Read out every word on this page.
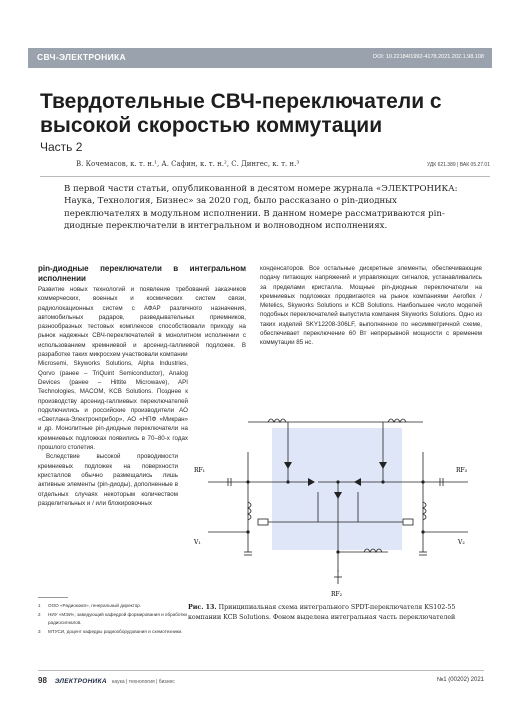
СВЧ-ЭЛЕКТРОНИКА	DOI: 10.22184/1992-4178.2021.202.1.98.108
Твердотельные СВЧ-переключатели с высокой скоростью коммутации
Часть 2
В. Кочемасов, к. т. н.¹, А. Сафин, к. т. н.², С. Дингес, к. т. н.³	УДК 621.389 | ВАК 05.27.01
В первой части статьи, опубликованной в десятом номере журнала «ЭЛЕКТРОНИКА: Наука, Технология, Бизнес» за 2020 год, было рассказано о pin-диодных переключателях в модульном исполнении. В данном номере рассматриваются pin-диодные переключатели в интегральном и волноводном исполнениях.
pin-диодные переключатели в интегральном исполнении

Развитие новых технологий и появление требований заказчиков коммерческих, военных и космических систем связи, радиолокационных систем с АФАР различного назначения, автомобильных радаров, разведывательных приемников, разнообразных тестовых комплексов способствовали приходу на рынок надежных СВЧ-переключателей в монолитном исполнении с использованием кремниевой и арсенид-галлиевой подложек. В разработке таких микросхем участвовали компании

Microsemi, Skyworks Solutions, Alpha Industries, Qorvo (ранее – TriQuint Semiconductor), Analog Devices (ранее – Hittite Microwave), API Technologies, MACOM, KCB Solutions. Позднее к производству арсенид-галлиевых переключателей подключились и российские производители АО «Светлана-Электронприбор», АО «НПФ «Микран» и др. Монолитные pin-диодные переключатели на кремниевых подложках появились в 70–80-х годах прошлого столетия.

Вследствие высокой проводимости кремниевых подложек на поверхности кристаллов обычно размещались лишь активные элементы (pin-диоды), дополненные в отдельных случаях некоторым количеством разделительных и / или блокировочных

конденсаторов. Все остальные дискретные элементы, обеспечивающие подачу питающих напряжений и управляющих сигналов, устанавливались за пределами кристалла. Мощные pin-диодные переключатели на кремниевых подложках продвигаются на рынок компаниями Aeroflex / Metelics, Skyworks Solutions и KCB Solutions. Наибольшее число моделей подобных переключателей выпустила компания Skyworks Solutions. Одно из таких изделий SKY12208-306LF, выполненное по несимметричной схеме, обеспечивает переключение 60 Вт непрерывной мощности с временем коммутации 85 нс.

RF₁	RF₃
RF₂
V₁	V₂
Рис. 13. Принципиальная схема интегрального SPDT-переключателя KS102-55 компании KCB Solutions. Фоном выделена интегральная часть переключателей
1	ООО «Радиокомп», генеральный директор.
2	НИУ «МЭИ», заведующий кафедрой формирования и обработки радиосигналов.
3	МТУСИ, доцент кафедры радиооборудования и схемотехники.
98 ЭЛЕКТРОНИКА наука | технология | бизнес	№1 (00202) 2021
